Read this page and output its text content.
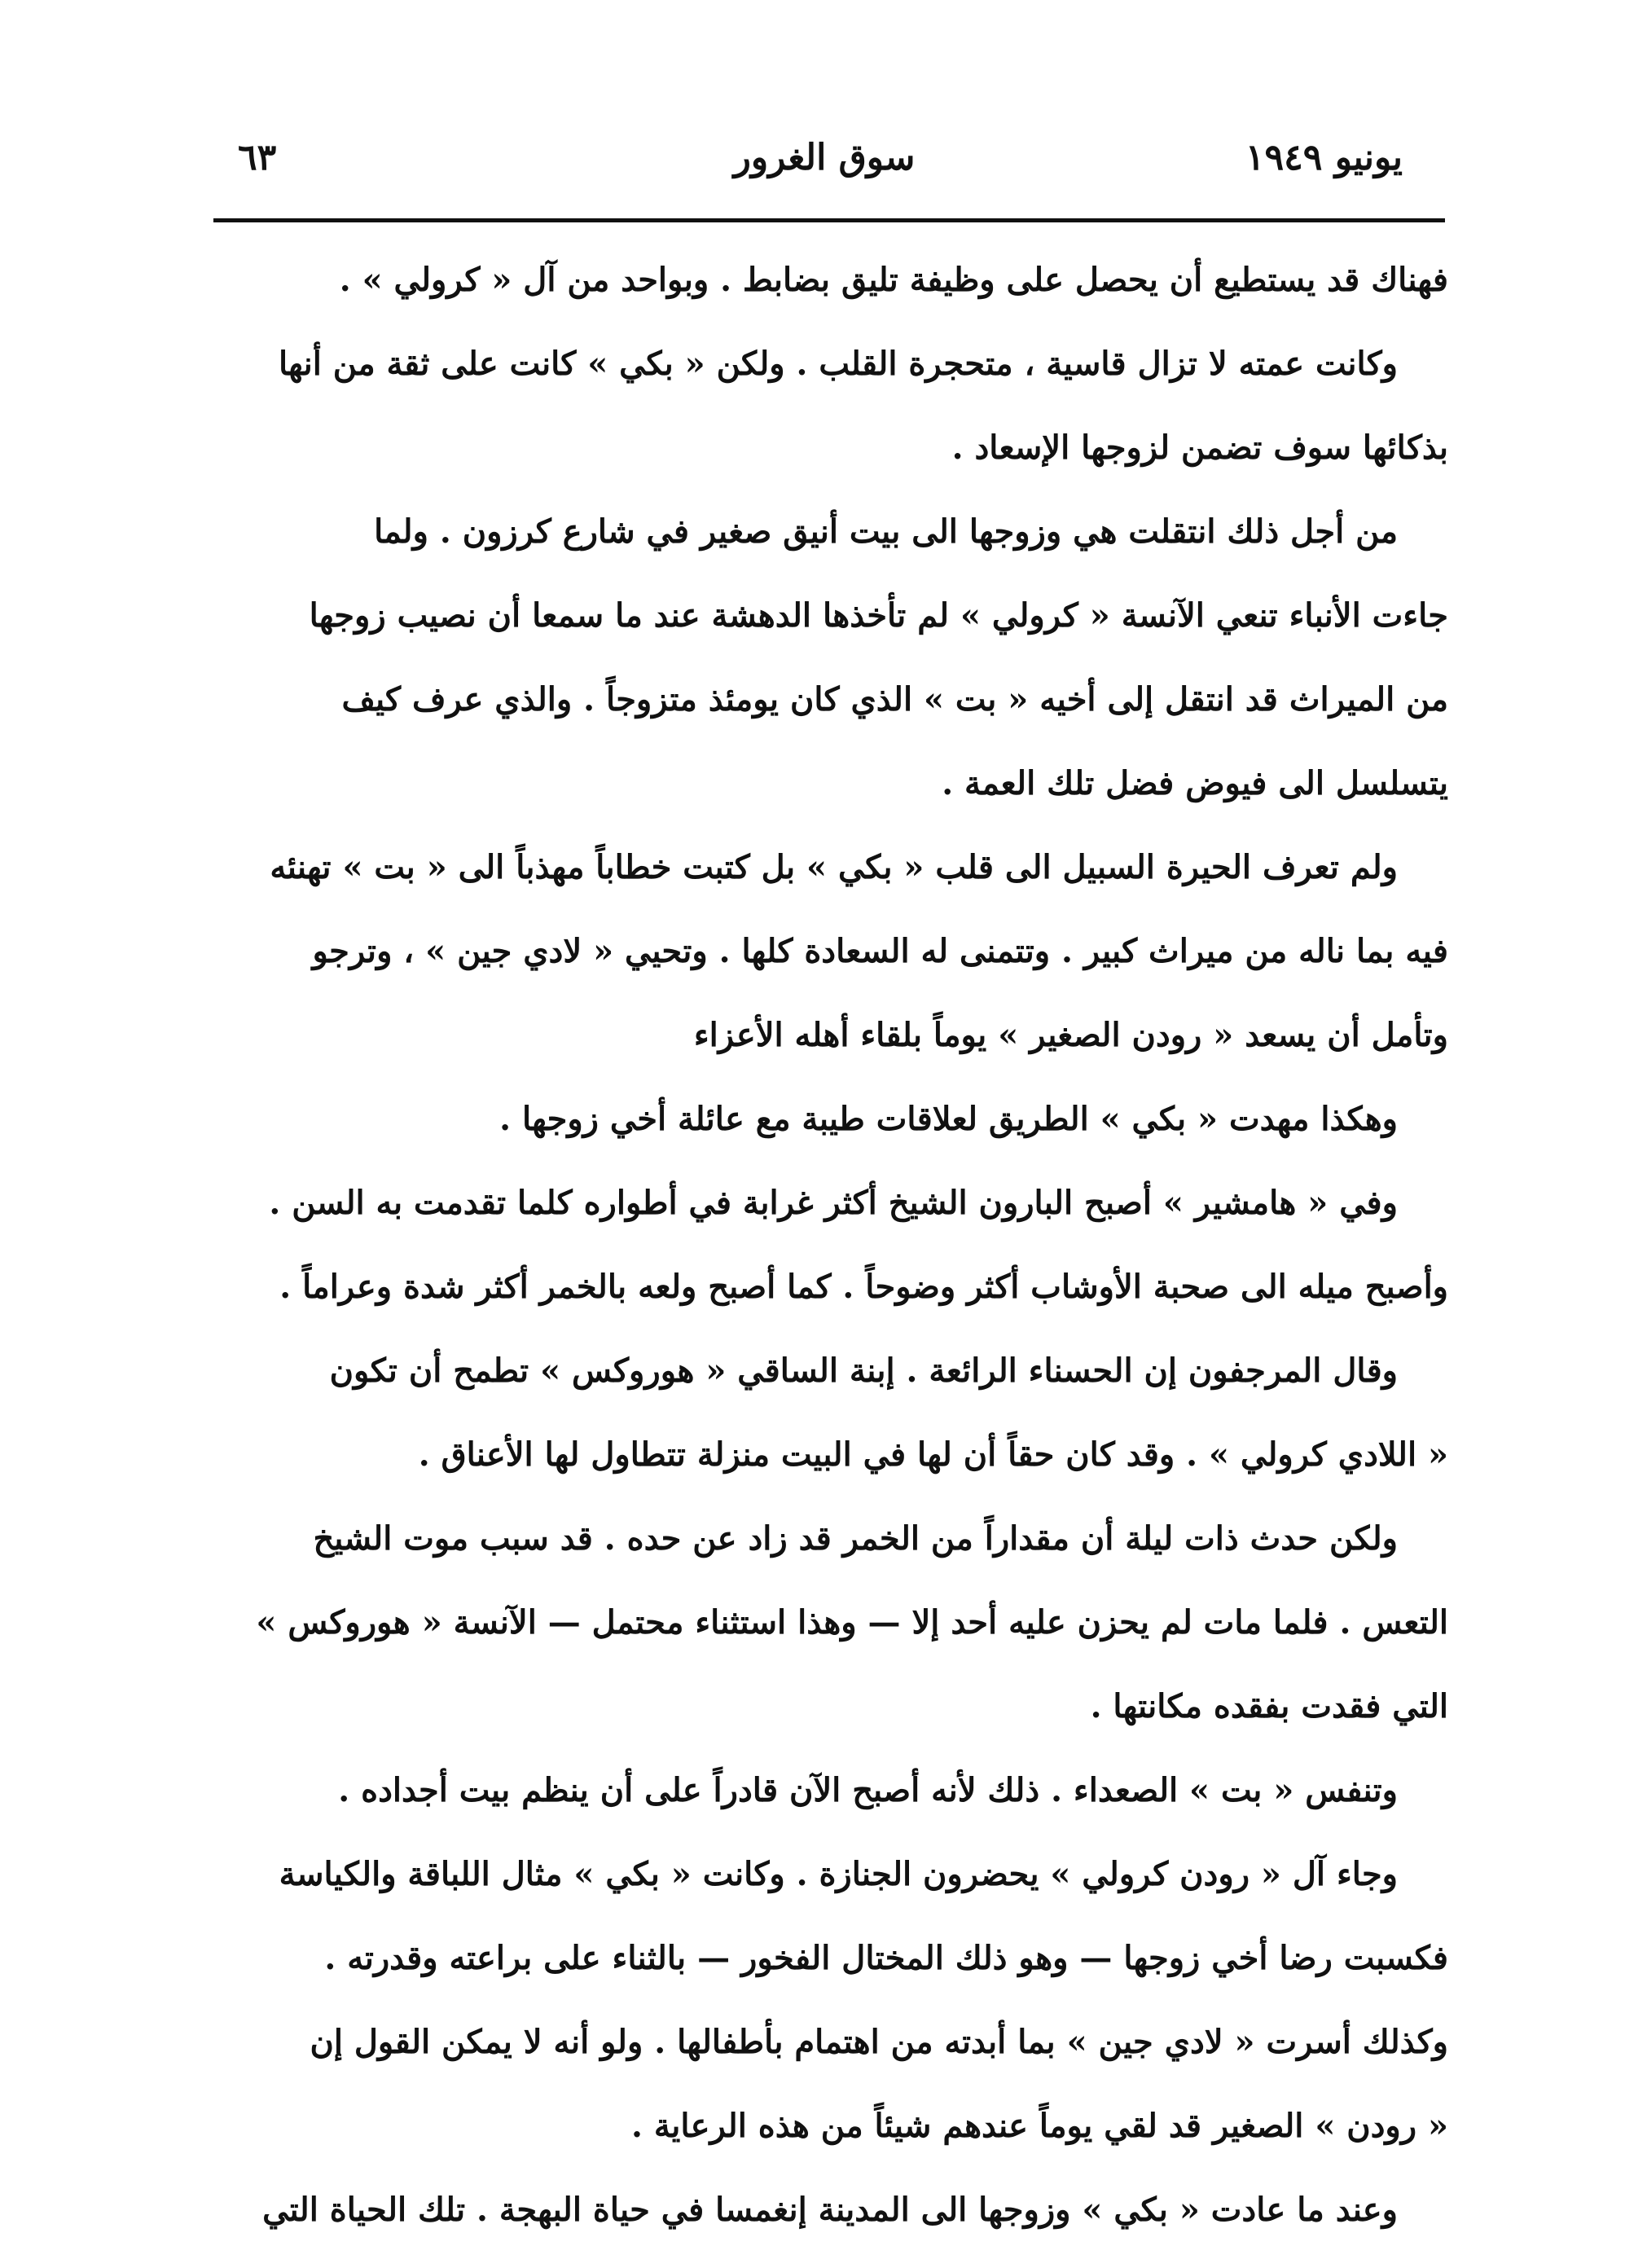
يونيو ١٩٤٩
سوق الغرور
٦٣
فهناك قد يستطيع أن يحصل على وظيفة تليق بضابط . وبواحد من آل « كرولي » .
وكانت عمته لا تزال قاسية ، متحجرة القلب . ولكن « بكي » كانت على ثقة من أنها
بذكائها سوف تضمن لزوجها الإسعاد .
من أجل ذلك انتقلت هي وزوجها الى بيت أنيق صغير في شارع كرزون . ولما
جاءت الأنباء تنعي الآنسة « كرولي » لم تأخذها الدهشة عند ما سمعا أن نصيب زوجها
من الميراث قد انتقل إلى أخيه « بت » الذي كان يومئذ متزوجاً . والذي عرف كيف
يتسلسل الى فيوض فضل تلك العمة .
ولم تعرف الحيرة السبيل الى قلب « بكي » بل كتبت خطاباً مهذباً الى « بت » تهنئه
فيه بما ناله من ميراث كبير . وتتمنى له السعادة كلها . وتحيي « لادي جين » ، وترجو
وتأمل أن يسعد « رودن الصغير » يوماً بلقاء أهله الأعزاء
وهكذا مهدت « بكي » الطريق لعلاقات طيبة مع عائلة أخي زوجها .
وفي « هامشير » أصبح البارون الشيخ أكثر غرابة في أطواره كلما تقدمت به السن .
وأصبح ميله الى صحبة الأوشاب أكثر وضوحاً . كما أصبح ولعه بالخمر أكثر شدة وعراماً .
وقال المرجفون إن الحسناء الرائعة . إبنة الساقي « هوروكس » تطمح أن تكون
« اللادي كرولي » . وقد كان حقاً أن لها في البيت منزلة تتطاول لها الأعناق .
ولكن حدث ذات ليلة أن مقداراً من الخمر قد زاد عن حده . قد سبب موت الشيخ
التعس . فلما مات لم يحزن عليه أحد إلا — وهذا استثناء محتمل — الآنسة « هوروكس »
التي فقدت بفقده مكانتها .
وتنفس « بت » الصعداء . ذلك لأنه أصبح الآن قادراً على أن ينظم بيت أجداده .
وجاء آل « رودن كرولي » يحضرون الجنازة . وكانت « بكي » مثال اللباقة والكياسة
فكسبت رضا أخي زوجها — وهو ذلك المختال الفخور — بالثناء على براعته وقدرته .
وكذلك أسرت « لادي جين » بما أبدته من اهتمام بأطفالها . ولو أنه لا يمكن القول إن
« رودن » الصغير قد لقي يوماً عندهم شيئاً من هذه الرعاية .
وعند ما عادت « بكي » وزوجها الى المدينة إنغمسا في حياة البهجة . تلك الحياة التي
